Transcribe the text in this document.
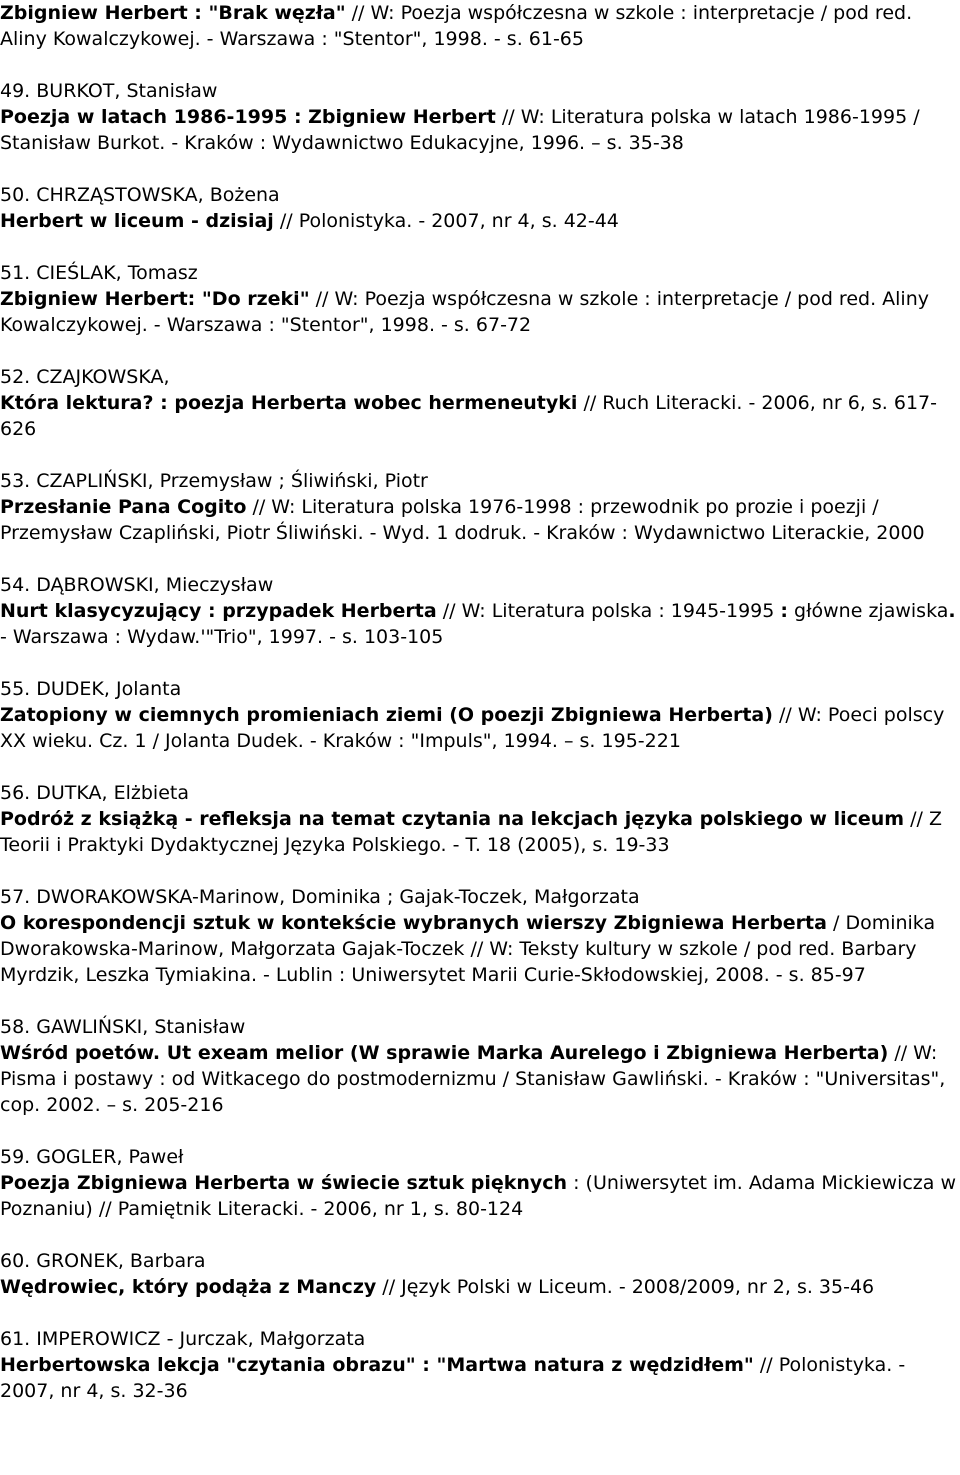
Zbigniew Herbert : "Brak węzła" // W: Poezja współczesna w szkole : interpretacje / pod red. Aliny Kowalczykowej. - Warszawa : "Stentor", 1998. - s. 61-65

49. BURKOT, Stanisław

Poezja w latach 1986-1995 : Zbigniew Herbert // W: Literatura polska w latach 1986-1995 / Stanisław Burkot. - Kraków : Wydawnictwo Edukacyjne, 1996. – s. 35-38

50. CHRZĄSTOWSKA, Bożena

Herbert w liceum - dzisiaj // Polonistyka. - 2007, nr 4, s. 42-44

51. CIEŚLAK, Tomasz

Zbigniew Herbert: "Do rzeki" // W: Poezja współczesna w szkole : interpretacje / pod red. Aliny Kowalczykowej. - Warszawa : "Stentor", 1998. - s. 67-72

52. CZAJKOWSKA,

Która lektura? : poezja Herberta wobec hermeneutyki // Ruch Literacki. - 2006, nr 6, s. 617-626

53. CZAPLIŃSKI, Przemysław ; Śliwiński, Piotr

Przesłanie Pana Cogito // W: Literatura polska 1976-1998 : przewodnik po prozie i poezji / Przemysław Czapliński, Piotr Śliwiński. - Wyd. 1 dodruk. - Kraków : Wydawnictwo Literackie, 2000

54. DĄBROWSKI, Mieczysław

Nurt klasycyzujący : przypadek Herberta // W: Literatura polska : 1945-1995 : główne zjawiska. - Warszawa : Wydaw.'"Trio", 1997. - s. 103-105

55. DUDEK, Jolanta

Zatopiony w ciemnych promieniach ziemi (O poezji Zbigniewa Herberta) // W: Poeci polscy XX wieku. Cz. 1 / Jolanta Dudek. - Kraków : "Impuls", 1994. – s. 195-221

56. DUTKA, Elżbieta

Podróż z książką - refleksja na temat czytania na lekcjach języka polskiego w liceum // Z Teorii i Praktyki Dydaktycznej Języka Polskiego. - T. 18 (2005), s. 19-33

57. DWORAKOWSKA-Marinow, Dominika ; Gajak-Toczek, Małgorzata

O korespondencji sztuk w kontekście wybranych wierszy Zbigniewa Herberta / Dominika Dworakowska-Marinow, Małgorzata Gajak-Toczek // W: Teksty kultury w szkole / pod red. Barbary Myrdzik, Leszka Tymiakina. - Lublin : Uniwersytet Marii Curie-Skłodowskiej, 2008. - s. 85-97

58. GAWLIŃSKI, Stanisław

Wśród poetów. Ut exeam melior (W sprawie Marka Aurelego i Zbigniewa Herberta) // W: Pisma i postawy : od Witkacego do postmodernizmu / Stanisław Gawliński. - Kraków : "Universitas", cop. 2002. – s. 205-216

59. GOGLER, Paweł

Poezja Zbigniewa Herberta w świecie sztuk pięknych : (Uniwersytet im. Adama Mickiewicza w Poznaniu) // Pamiętnik Literacki. - 2006, nr 1, s. 80-124

60. GRONEK, Barbara

Wędrowiec, który podąża z Manczy // Język Polski w Liceum. - 2008/2009, nr 2, s. 35-46

61. IMPEROWICZ - Jurczak, Małgorzata

Herbertowska lekcja "czytania obrazu" : "Martwa natura z wędzidłem" // Polonistyka. - 2007, nr 4, s. 32-36
